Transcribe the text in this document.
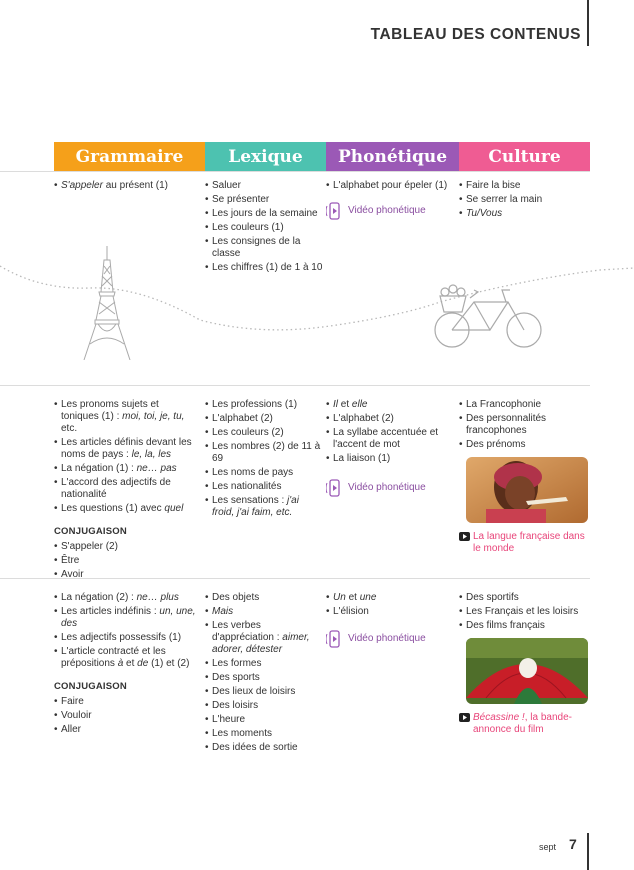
TABLEAU DES CONTENUS
Grammaire	Lexique Phonétique Culture
• S'appeler au présent (1)
•	Saluer
• Se présenter
• Les jours de la semaine
• Les couleurs (1)
• Les consignes de la classe
• Les chiffres (1) de 1 à 10
• L'alphabet pour épeler (1)
Vidéo phonétique
• Faire la bise
• Se serrer la main
• Tu/Vous
• Les pronoms sujets et toniques (1) : moi, toi, je, tu, etc.
• Les articles définis devant les noms de pays : le, la, les
• La négation (1) : ne… pas
• L'accord des adjectifs de nationalité
• Les questions (1) avec quel
CONJUGAISON
• S'appeler (2)
• Être
• Avoir
• Les professions (1)
• L'alphabet (2)
• Les couleurs (2)
• Les nombres (2) de 11 à 69
• Les noms de pays
• Les nationalités
• Les sensations : j'ai froid, j'ai faim, etc.
• Il et elle
• L'alphabet (2)
• La syllabe accentuée et l'accent de mot
• La liaison (1)
Vidéo phonétique
• La Francophonie
• Des personnalités francophones
• Des prénoms
La langue française dans le monde
• La négation (2) : ne… plus
• Les articles indéfinis : un, une, des
• Les adjectifs possessifs (1)
• L'article contracté et les prépositions à et de (1) et (2)
CONJUGAISON
• Faire
• Vouloir
• Aller
• Des objets
• Mais
• Les verbes d'appréciation : aimer, adorer, détester
• Les formes
• Des sports
• Des lieux de loisirs
• Des loisirs
• L'heure
• Les moments
• Des idées de sortie
• Un et une
• L'élision
Vidéo phonétique
• Des sportifs
• Les Français et les loisirs
• Des films français
Bécassine !, la bande-annonce du film
sept 7
